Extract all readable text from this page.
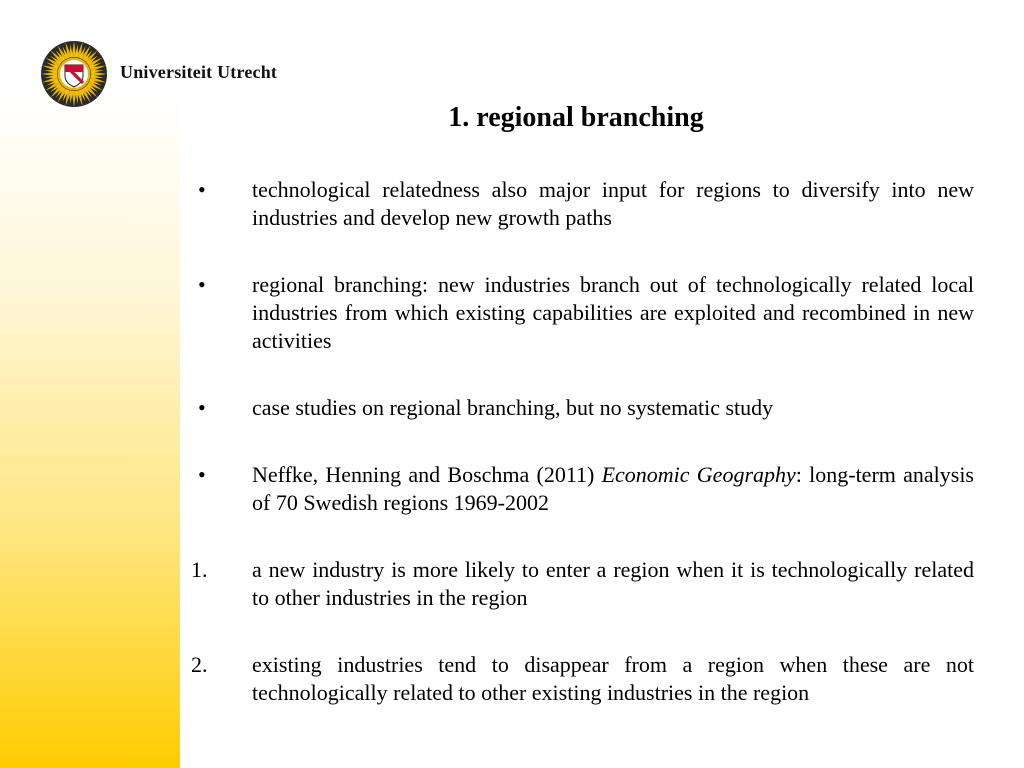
Universiteit Utrecht
1. regional branching
•	technological relatedness also major input for regions to diversify into new industries and develop new growth paths
•	regional branching: new industries branch out of technologically related local industries from which existing capabilities are exploited and recombined in new activities
•	case studies on regional branching, but no systematic study
•	Neffke, Henning and Boschma (2011) Economic Geography: long-term analysis of 70 Swedish regions 1969-2002
1.	a new industry is more likely to enter a region when it is technologically related to other industries in the region
2.	existing industries tend to disappear from a region when these are not technologically related to other existing industries in the region
